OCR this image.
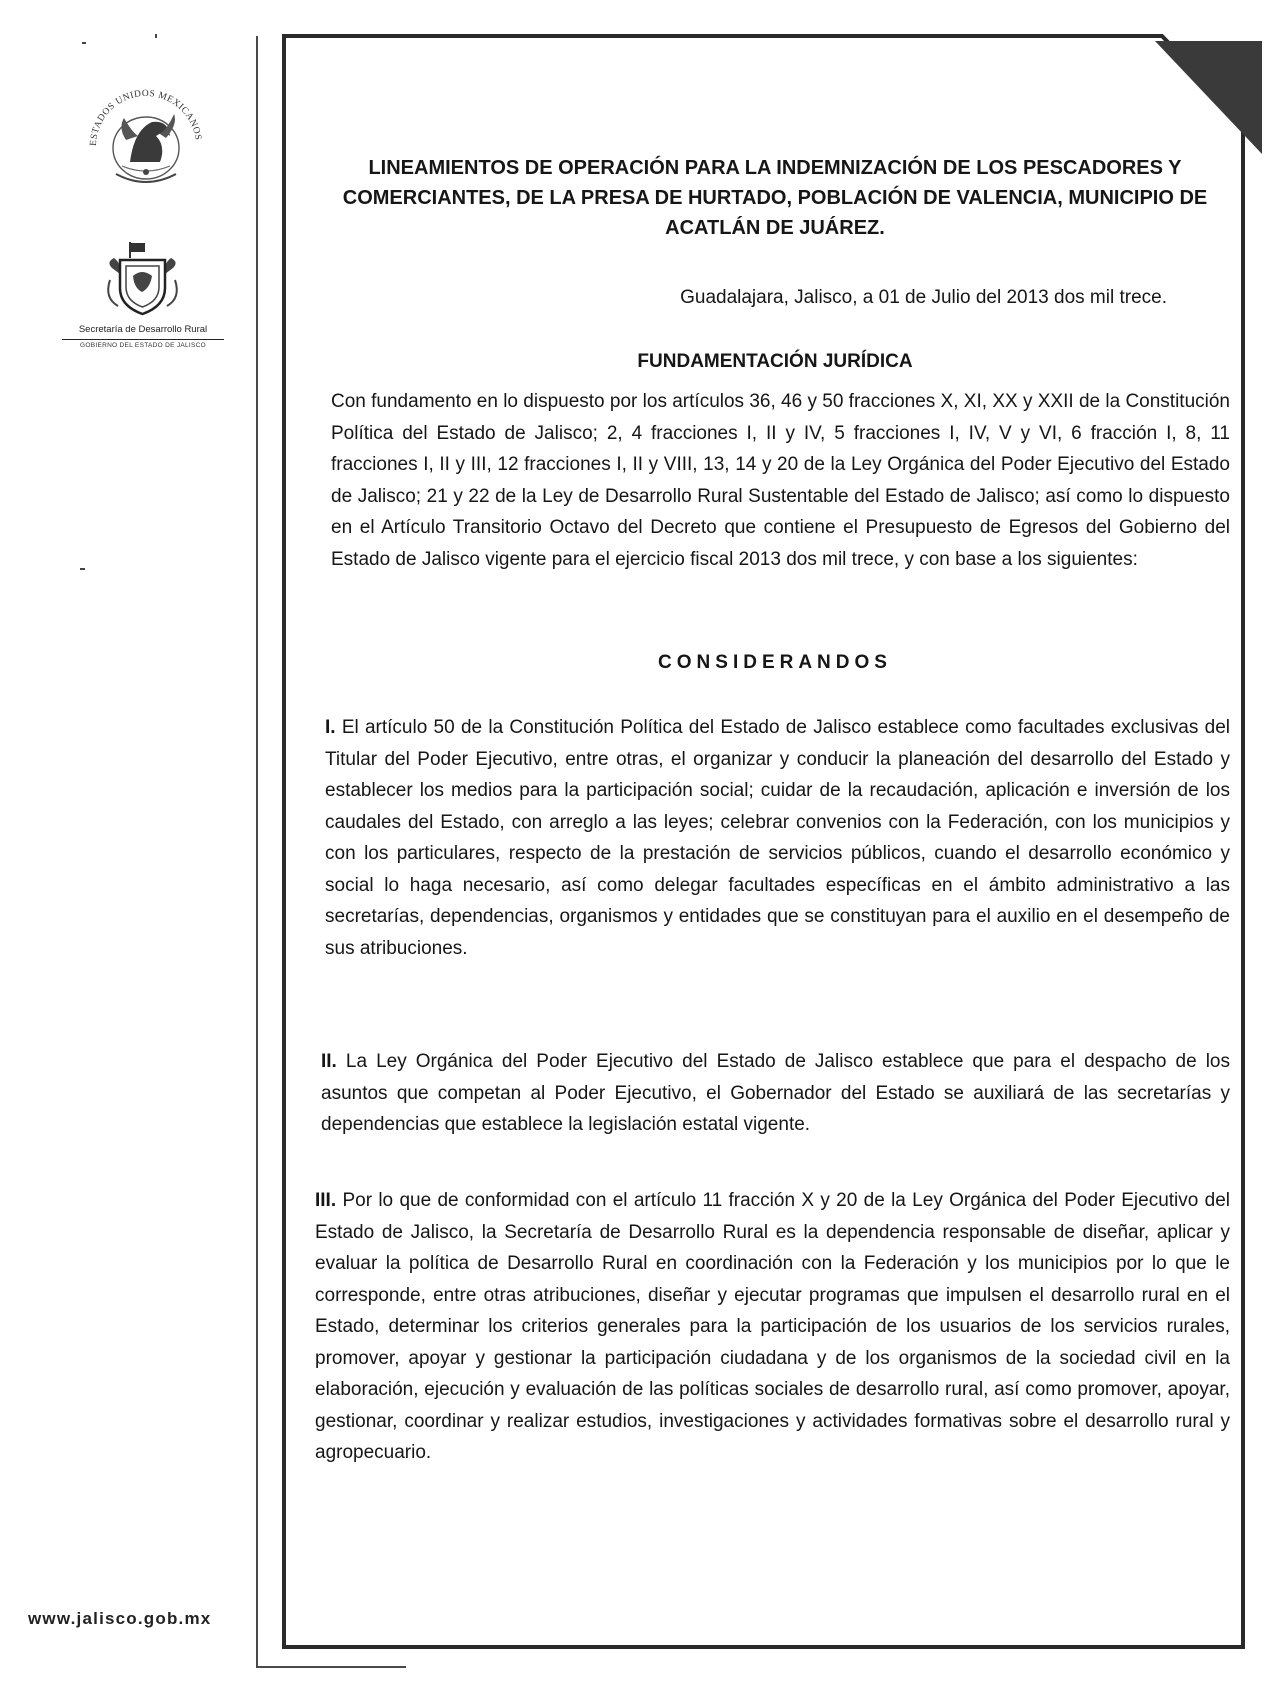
ESTADOS UNIDOS MEXICANOS
Secretaría de Desarrollo Rural
GOBIERNO DEL ESTADO DE JALISCO
www.jalisco.gob.mx
LINEAMIENTOS DE OPERACIÓN PARA LA INDEMNIZACIÓN DE LOS PESCADORES Y
COMERCIANTES, DE LA PRESA DE HURTADO, POBLACIÓN DE VALENCIA, MUNICIPIO DE
ACATLÁN DE JUÁREZ.
Guadalajara, Jalisco, a 01 de Julio del 2013 dos mil trece.
FUNDAMENTACIÓN JURÍDICA
Con fundamento en lo dispuesto por los artículos 36, 46 y 50 fracciones X, XI, XX y XXII de la Constitución Política del Estado de Jalisco; 2, 4 fracciones I, II y IV, 5 fracciones I, IV, V y VI, 6 fracción I, 8, 11 fracciones I, II y III, 12 fracciones I, II y VIII, 13, 14 y 20 de la Ley Orgánica del Poder Ejecutivo del Estado de Jalisco; 21 y 22 de la Ley de Desarrollo Rural Sustentable del Estado de Jalisco; así como lo dispuesto en el Artículo Transitorio Octavo del Decreto que contiene el Presupuesto de Egresos del Gobierno del Estado de Jalisco vigente para el ejercicio fiscal 2013 dos mil trece, y con base a los siguientes:
CONSIDERANDOS
I. El artículo 50 de la Constitución Política del Estado de Jalisco establece como facultades exclusivas del Titular del Poder Ejecutivo, entre otras, el organizar y conducir la planeación del desarrollo del Estado y establecer los medios para la participación social; cuidar de la recaudación, aplicación e inversión de los caudales del Estado, con arreglo a las leyes; celebrar convenios con la Federación, con los municipios y con los particulares, respecto de la prestación de servicios públicos, cuando el desarrollo económico y social lo haga necesario, así como delegar facultades específicas en el ámbito administrativo a las secretarías, dependencias, organismos y entidades que se constituyan para el auxilio en el desempeño de sus atribuciones.
II. La Ley Orgánica del Poder Ejecutivo del Estado de Jalisco establece que para el despacho de los asuntos que competan al Poder Ejecutivo, el Gobernador del Estado se auxiliará de las secretarías y dependencias que establece la legislación estatal vigente.
III. Por lo que de conformidad con el artículo 11 fracción X y 20 de la Ley Orgánica del Poder Ejecutivo del Estado de Jalisco, la Secretaría de Desarrollo Rural es la dependencia responsable de diseñar, aplicar y evaluar la política de Desarrollo Rural en coordinación con la Federación y los municipios por lo que le corresponde, entre otras atribuciones, diseñar y ejecutar programas que impulsen el desarrollo rural en el Estado, determinar los criterios generales para la participación de los usuarios de los servicios rurales, promover, apoyar y gestionar la participación ciudadana y de los organismos de la sociedad civil en la elaboración, ejecución y evaluación de las políticas sociales de desarrollo rural, así como promover, apoyar, gestionar, coordinar y realizar estudios, investigaciones y actividades formativas sobre el desarrollo rural y agropecuario.
